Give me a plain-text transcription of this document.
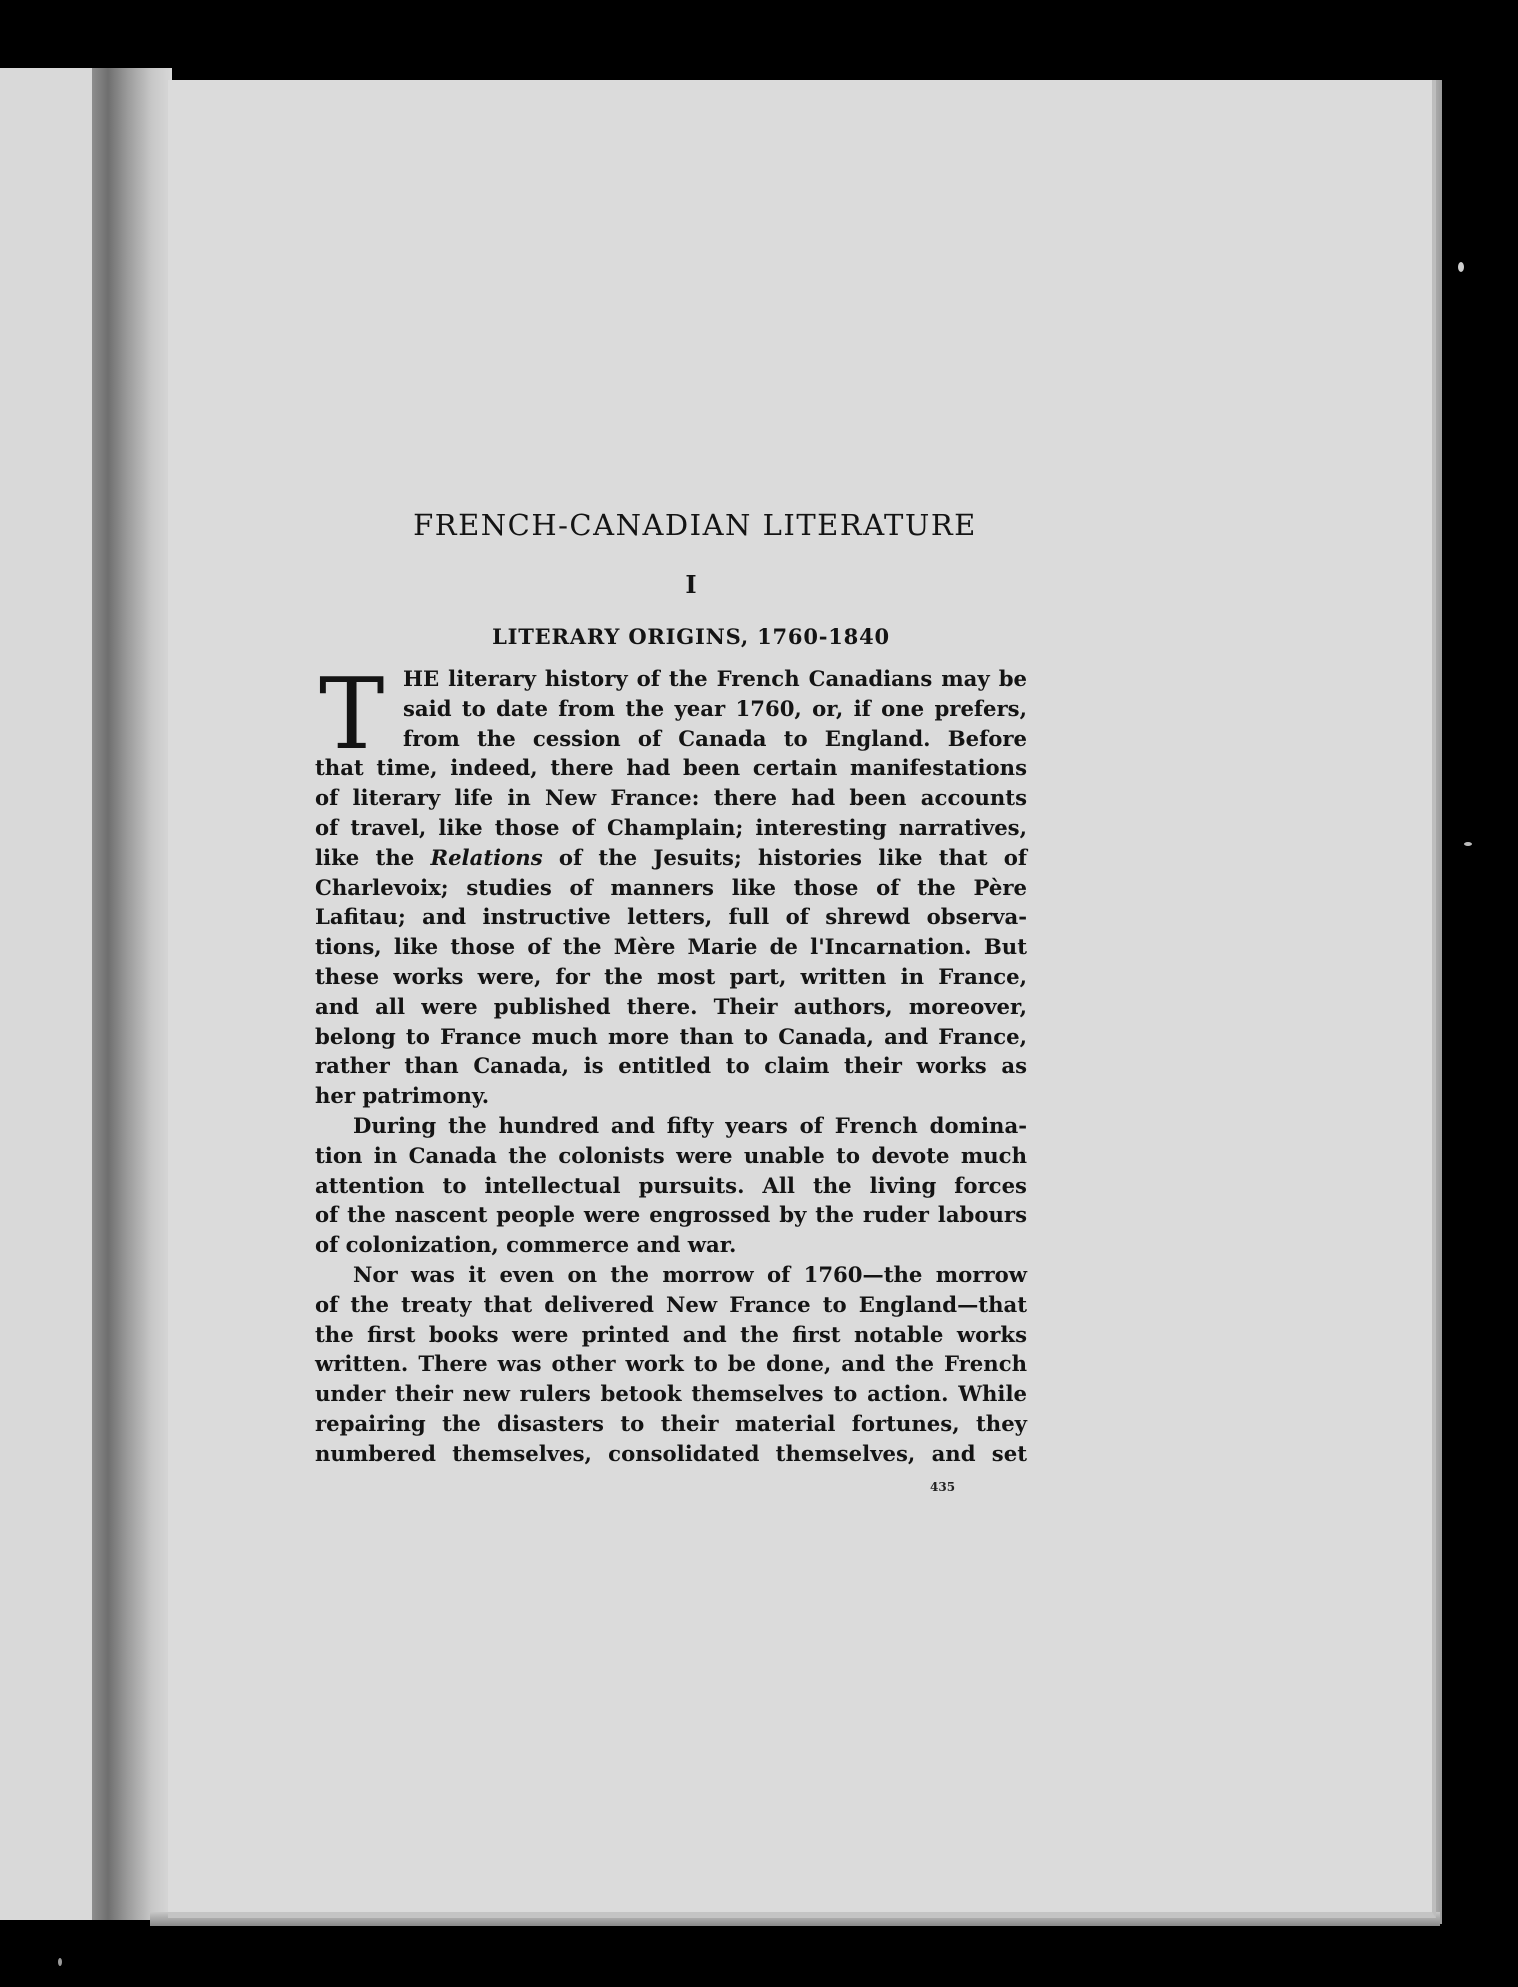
FRENCH-CANADIAN LITERATURE
I
LITERARY ORIGINS, 1760-1840
HE literary history of the French Canadians may be
said to date from the year 1760, or, if one prefers,
from the cession of Canada to England. Before
that time, indeed, there had been certain manifestations
of literary life in New France: there had been accounts
of travel, like those of Champlain; interesting narratives,
like the Relations of the Jesuits; histories like that of
Charlevoix; studies of manners like those of the Père
Lafitau; and instructive letters, full of shrewd observa-
tions, like those of the Mère Marie de l'Incarnation. But
these works were, for the most part, written in France,
and all were published there. Their authors, moreover,
belong to France much more than to Canada, and France,
rather than Canada, is entitled to claim their works as
her patrimony.
During the hundred and fifty years of French domina-
tion in Canada the colonists were unable to devote much
attention to intellectual pursuits. All the living forces
of the nascent people were engrossed by the ruder labours
of colonization, commerce and war.
Nor was it even on the morrow of 1760—the morrow
of the treaty that delivered New France to England—that
the first books were printed and the first notable works
written. There was other work to be done, and the French
under their new rulers betook themselves to action. While
repairing the disasters to their material fortunes, they
numbered themselves, consolidated themselves, and set
T
435
